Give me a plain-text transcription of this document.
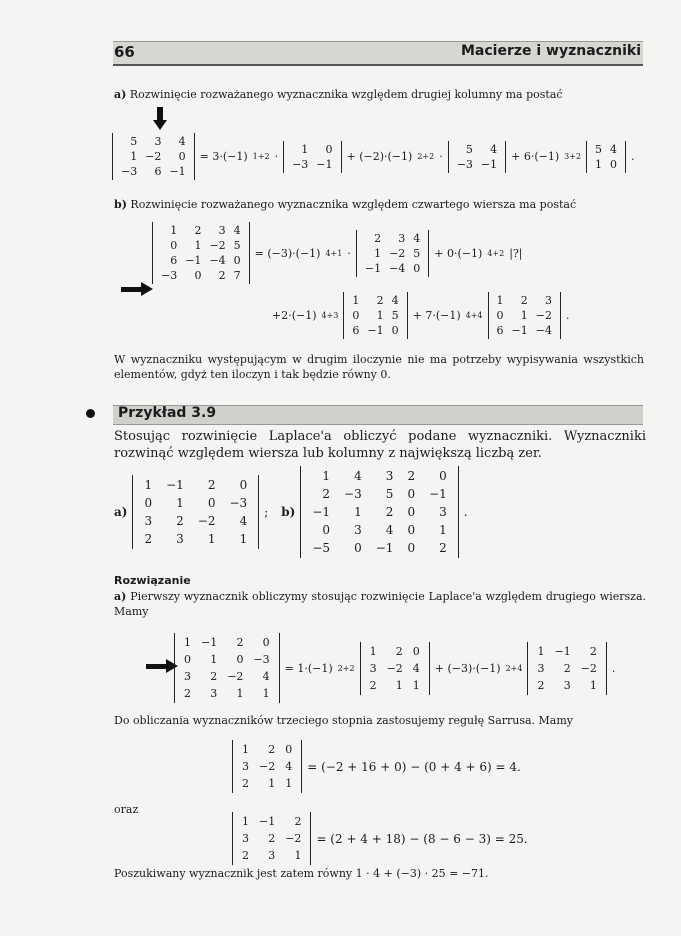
66	Macierze i wyznaczniki
a) Rozwinięcie rozważanego wyznacznika względem drugiej kolumny ma postać
5	3	4
1	−2	0
−3	6	−1
= 3·(−1) 1+2 ·
1	0
−3	−1
+ (−2)·(−1) 2+2 ·
5	4
−3	−1
+ 6·(−1) 3+2
5	4
1	0
.
b) Rozwinięcie rozważanego wyznacznika względem czwartego wiersza ma postać
1	2	3	4
0	1	−2	5
6	−1	−4	0
−3	0	2	7
= (−3)·(−1) 4+1 ·
2	3	4
1	−2	5
−1	−4	0
+ 0·(−1) 4+2 |?|
+2·(−1) 4+3
1	2	4
0	1	5
6	−1	0
+ 7·(−1) 4+4
1	2	3
0	1	−2
6	−1	−4
.
W wyznaczniku występującym w drugim iloczynie nie ma potrzeby wypisywania wszystkich elementów, gdyż ten iloczyn i tak będzie równy 0.
Przykład 3.9
Stosując rozwinięcie Laplace'a obliczyć podane wyznaczniki. Wyznaczniki rozwinąć względem wiersza lub kolumny z największą liczbą zer.
a)
1	−1	2	0
0	1	0	−3
3	2	−2	4
2	3	1	1
; b)
1	4	3	2	0
2	−3	5	0	−1
−1	1	2	0	3
0	3	4	0	1
−5	0	−1	0	2
.
Rozwiązanie
a) Pierwszy wyznacznik obliczymy stosując rozwinięcie Laplace'a względem drugiego wiersza. Mamy
1	−1	2	0
0	1	0	−3
3	2	−2	4
2	3	1	1
= 1·(−1) 2+2
1	2	0
3	−2	4
2	1	1
+ (−3)·(−1) 2+4
1	−1	2
3	2	−2
2	3	1
.
Do obliczania wyznaczników trzeciego stopnia zastosujemy regułę Sarrusa. Mamy
1	2	0
3	−2	4
2	1	1
= (−2 + 16 + 0) − (0 + 4 + 6) = 4.
oraz
1	−1	2
3	2	−2
2	3	1
= (2 + 4 + 18) − (8 − 6 − 3) = 25.
Poszukiwany wyznacznik jest zatem równy 1 · 4 + (−3) · 25 = −71.
